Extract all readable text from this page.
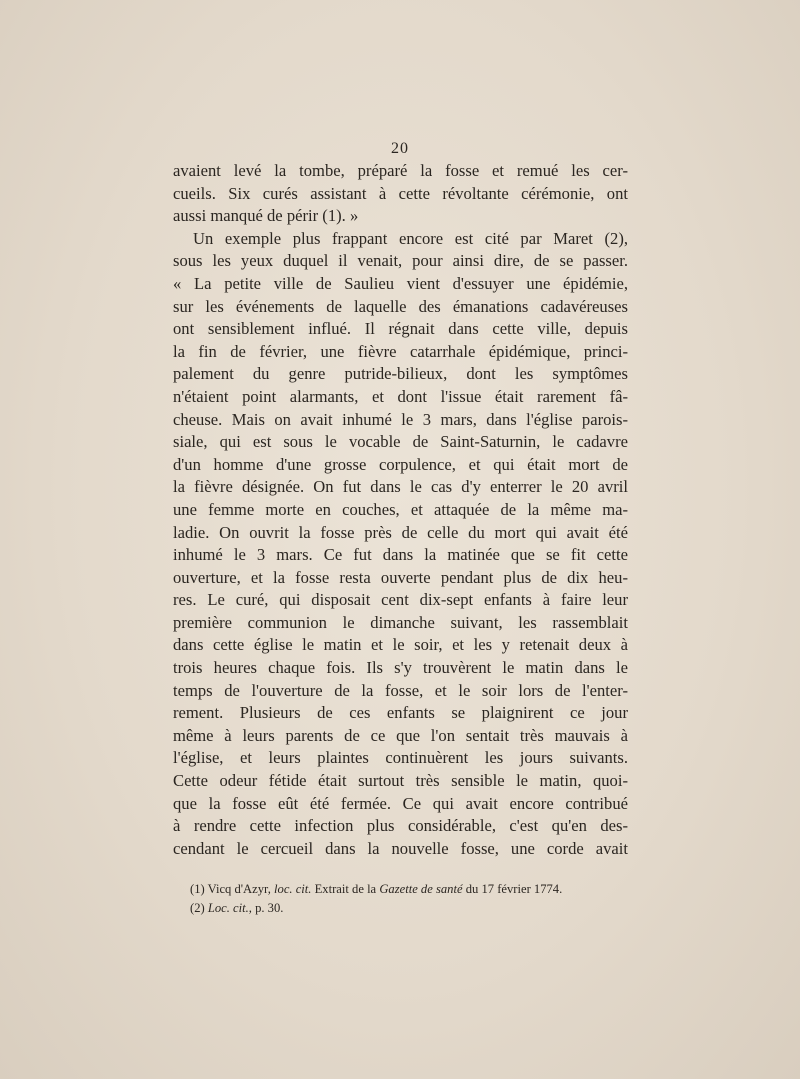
20
avaient levé la tombe, préparé la fosse et remué les cer-
cueils. Six curés assistant à cette révoltante cérémonie, ont
aussi manqué de périr (1). »
Un exemple plus frappant encore est cité par Maret (2),
sous les yeux duquel il venait, pour ainsi dire, de se passer.
« La petite ville de Saulieu vient d'essuyer une épidémie,
sur les événements de laquelle des émanations cadavéreuses
ont sensiblement influé. Il régnait dans cette ville, depuis
la fin de février, une fièvre catarrhale épidémique, princi-
palement du genre putride-bilieux, dont les symptômes
n'étaient point alarmants, et dont l'issue était rarement fâ-
cheuse. Mais on avait inhumé le 3 mars, dans l'église parois-
siale, qui est sous le vocable de Saint-Saturnin, le cadavre
d'un homme d'une grosse corpulence, et qui était mort de
la fièvre désignée. On fut dans le cas d'y enterrer le 20 avril
une femme morte en couches, et attaquée de la même ma-
ladie. On ouvrit la fosse près de celle du mort qui avait été
inhumé le 3 mars. Ce fut dans la matinée que se fit cette
ouverture, et la fosse resta ouverte pendant plus de dix heu-
res. Le curé, qui disposait cent dix-sept enfants à faire leur
première communion le dimanche suivant, les rassemblait
dans cette église le matin et le soir, et les y retenait deux à
trois heures chaque fois. Ils s'y trouvèrent le matin dans le
temps de l'ouverture de la fosse, et le soir lors de l'enter-
rement. Plusieurs de ces enfants se plaignirent ce jour
même à leurs parents de ce que l'on sentait très mauvais à
l'église, et leurs plaintes continuèrent les jours suivants.
Cette odeur fétide était surtout très sensible le matin, quoi-
que la fosse eût été fermée. Ce qui avait encore contribué
à rendre cette infection plus considérable, c'est qu'en des-
cendant le cercueil dans la nouvelle fosse, une corde avait
(1) Vicq d'Azyr, loc. cit. Extrait de la Gazette de santé du 17 février 1774.
(2) Loc. cit., p. 30.
